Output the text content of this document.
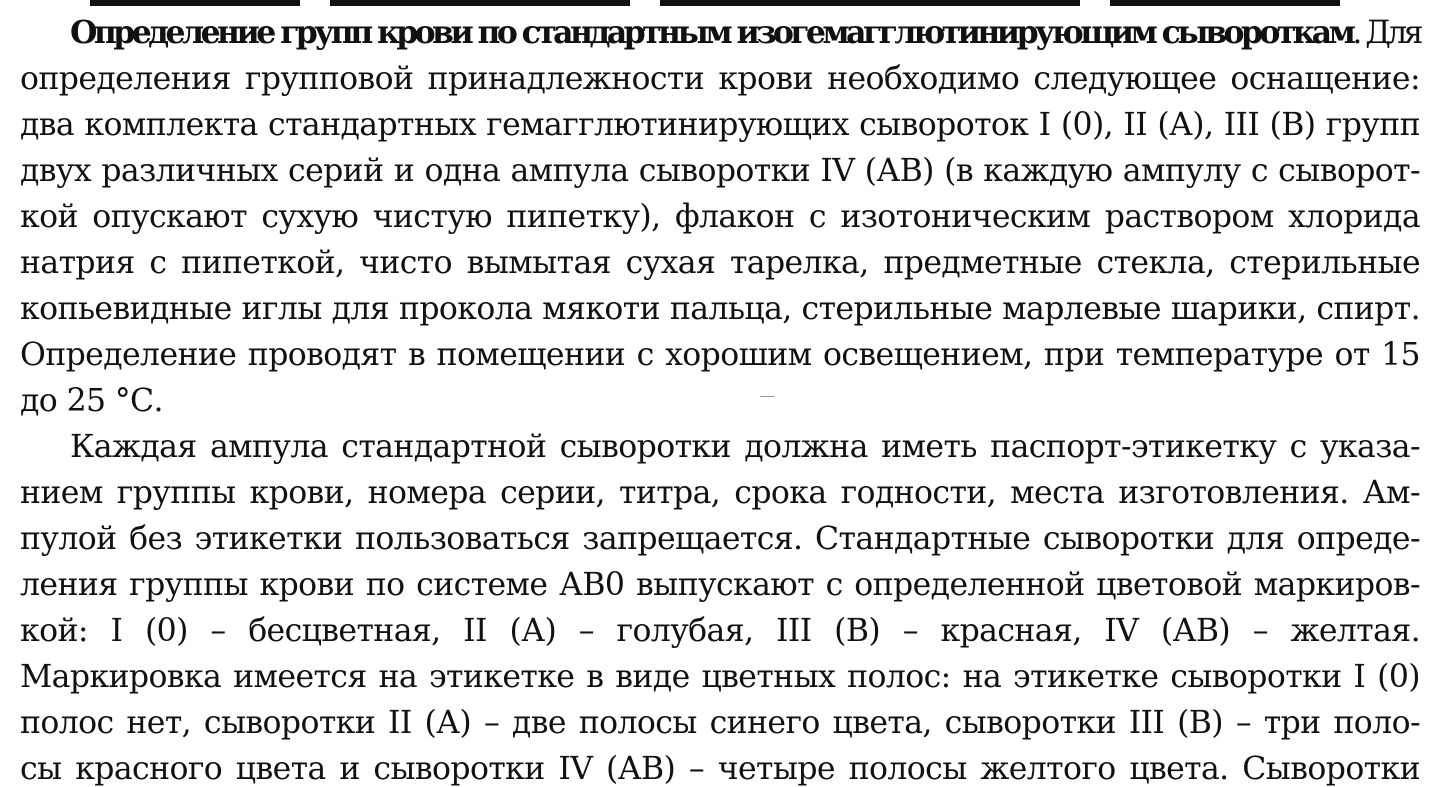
Определение групп крови по стандартным изогемагглютинирующим сывороткам. Для
определения групповой принадлежности крови необходимо следующее оснащение:
два комплекта стандартных гемагглютинирующих сывороток I (0), II (А), III (В) групп
двух различных серий и одна ампула сыворотки IV (АВ) (в каждую ампулу с сыворот-
кой опускают сухую чистую пипетку), флакон с изотоническим раствором хлорида
натрия с пипеткой, чисто вымытая сухая тарелка, предметные стекла, стерильные
копьевидные иглы для прокола мякоти пальца, стерильные марлевые шарики, спирт.
Определение проводят в помещении с хорошим освещением, при температуре от 15
до 25 °С.
Каждая ампула стандартной сыворотки должна иметь паспорт-этикетку с указа-
нием группы крови, номера серии, титра, срока годности, места изготовления. Ам-
пулой без этикетки пользоваться запрещается. Стандартные сыворотки для опреде-
ления группы крови по системе АВ0 выпускают с определенной цветовой маркиров-
кой: I (0) – бесцветная, II (А) – голубая, III (В) – красная, IV (АВ) – желтая.
Маркировка имеется на этикетке в виде цветных полос: на этикетке сыворотки I (0)
полос нет, сыворотки II (А) – две полосы синего цвета, сыворотки III (В) – три поло-
сы красного цвета и сыворотки IV (АВ) – четыре полосы желтого цвета. Сыворотки
